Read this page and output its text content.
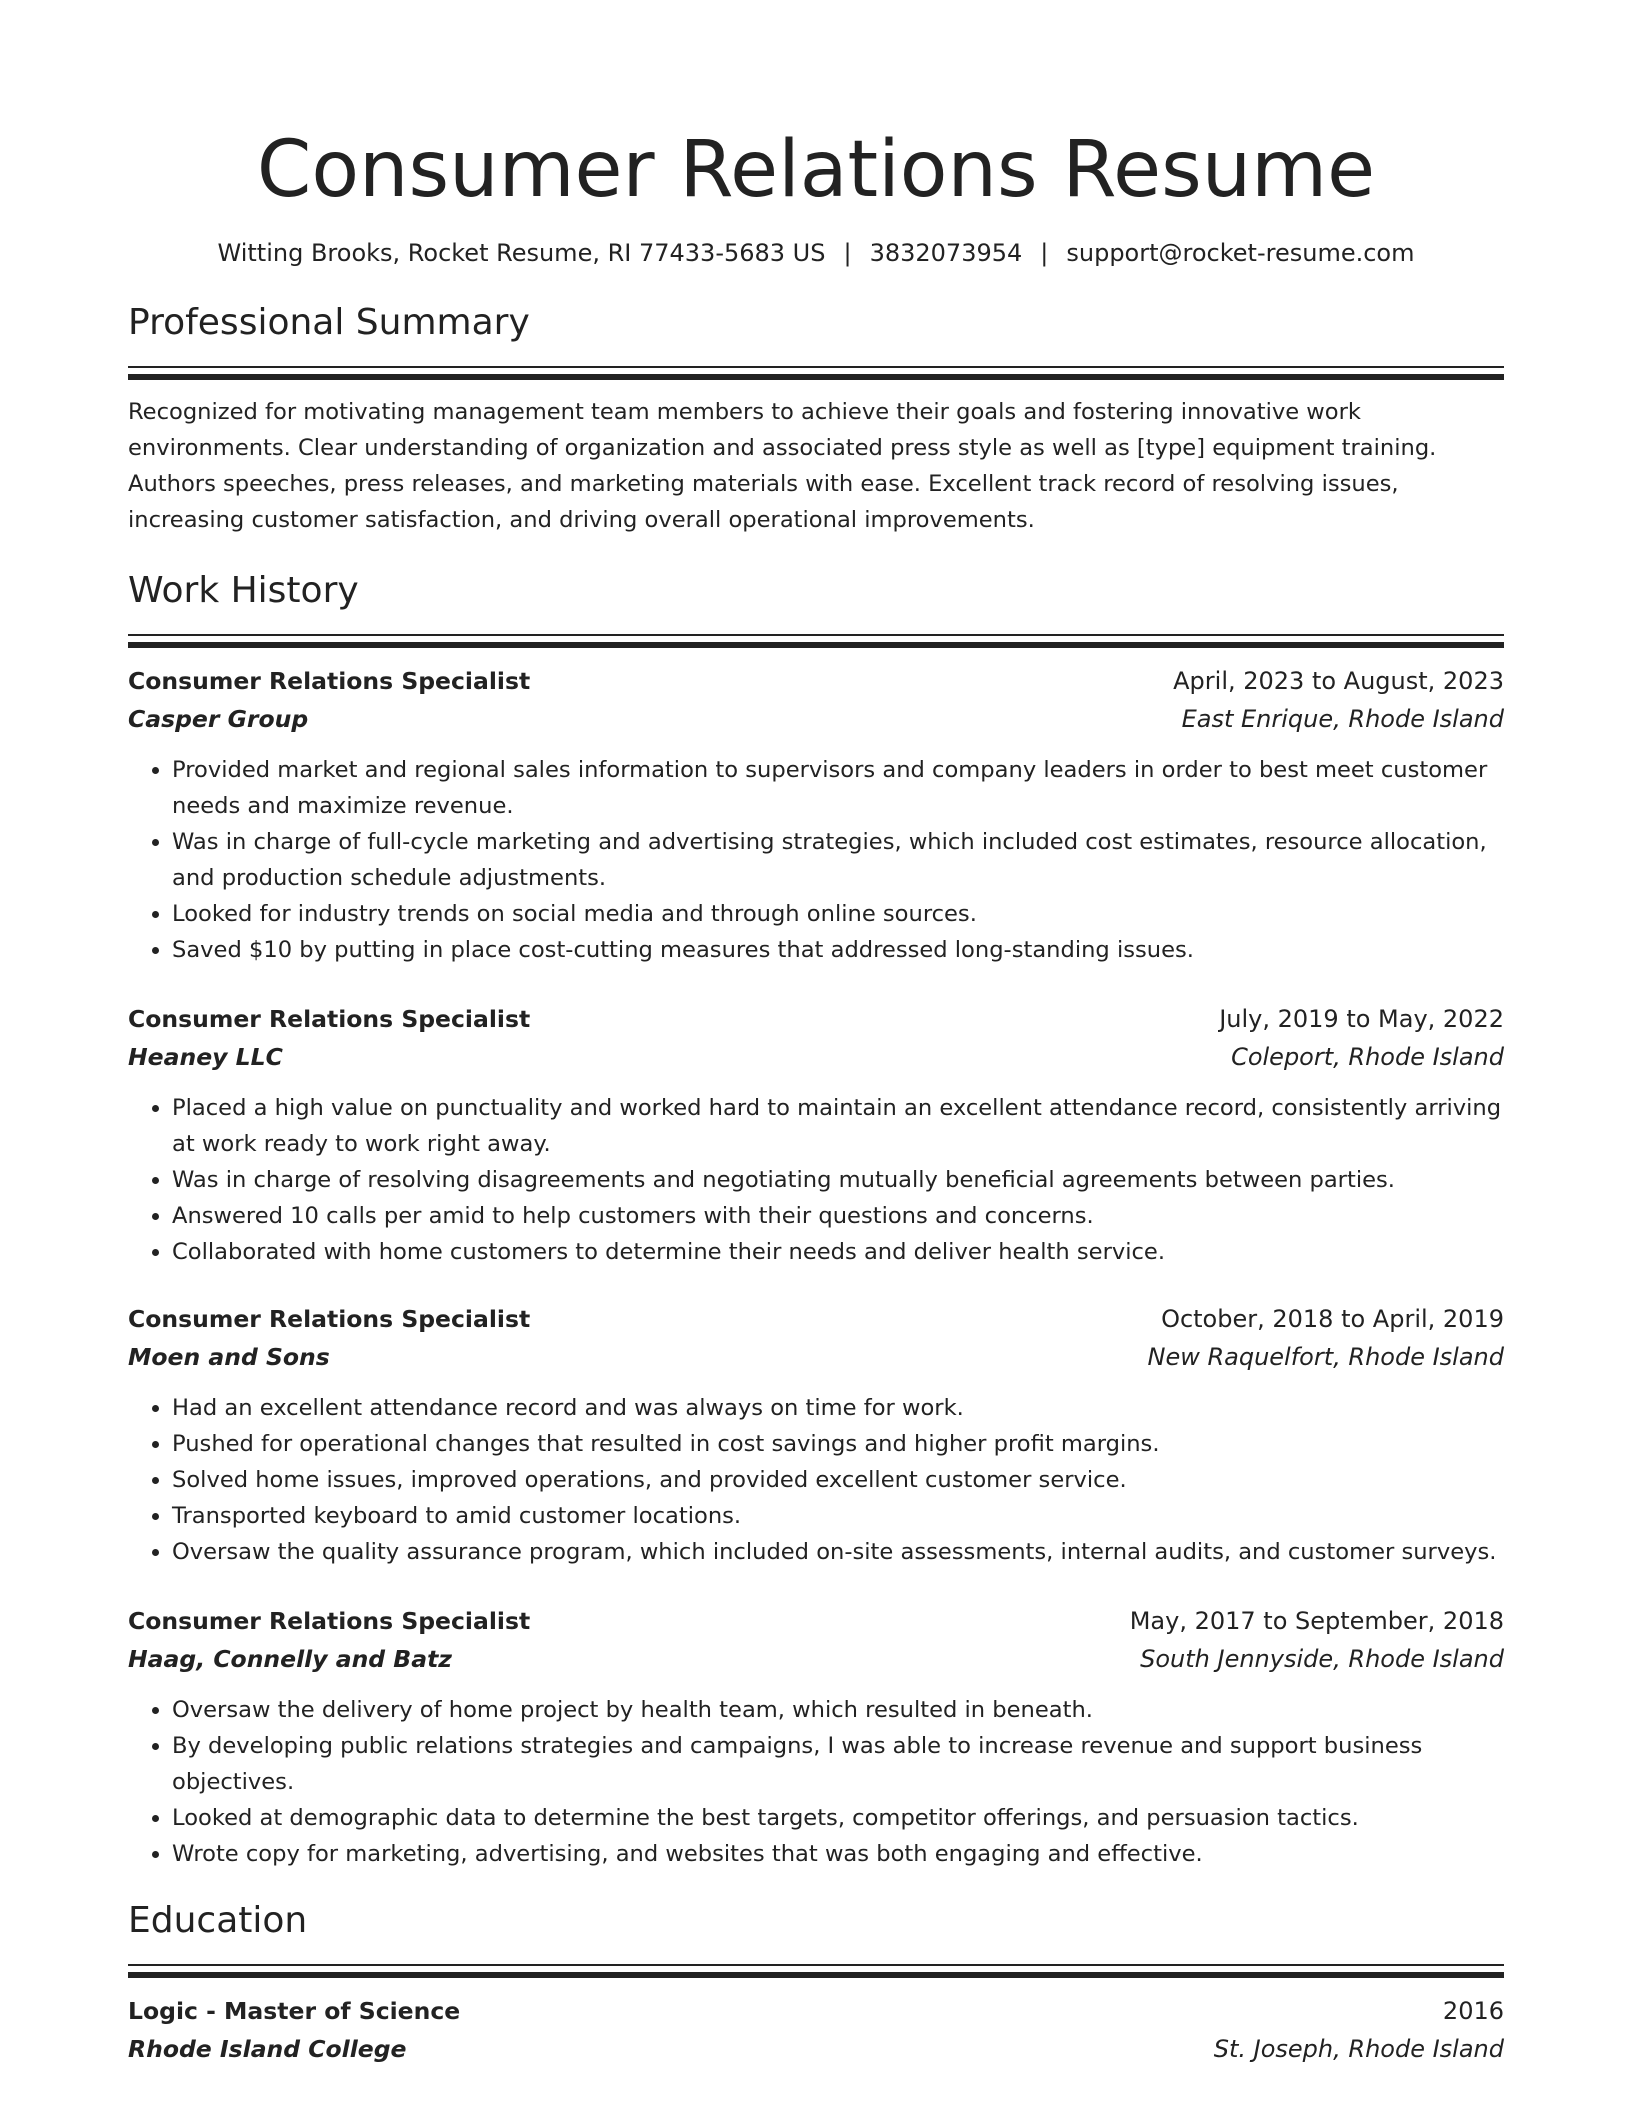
Consumer Relations Resume
Witting Brooks, Rocket Resume, RI 77433-5683 US | 3832073954 | support@rocket-resume.com
Professional Summary

Recognized for motivating management team members to achieve their goals and fostering innovative work environments. Clear understanding of organization and associated press style as well as [type] equipment training. Authors speeches, press releases, and marketing materials with ease. Excellent track record of resolving issues, increasing customer satisfaction, and driving overall operational improvements.

Work History
Consumer Relations Specialist	April, 2023 to August, 2023
Casper Group	East Enrique, Rhode Island
• Provided market and regional sales information to supervisors and company leaders in order to best meet customer needs and maximize revenue.
• Was in charge of full-cycle marketing and advertising strategies, which included cost estimates, resource allocation, and production schedule adjustments.
• Looked for industry trends on social media and through online sources.
• Saved $10 by putting in place cost-cutting measures that addressed long-standing issues.
Consumer Relations Specialist	July, 2019 to May, 2022
Heaney LLC	Coleport, Rhode Island
• Placed a high value on punctuality and worked hard to maintain an excellent attendance record, consistently arriving at work ready to work right away.
• Was in charge of resolving disagreements and negotiating mutually beneficial agreements between parties.
• Answered 10 calls per amid to help customers with their questions and concerns.
• Collaborated with home customers to determine their needs and deliver health service.
Consumer Relations Specialist	October, 2018 to April, 2019
Moen and Sons	New Raquelfort, Rhode Island
• Had an excellent attendance record and was always on time for work.
• Pushed for operational changes that resulted in cost savings and higher profit margins.
• Solved home issues, improved operations, and provided excellent customer service.
• Transported keyboard to amid customer locations.
• Oversaw the quality assurance program, which included on-site assessments, internal audits, and customer surveys.
Consumer Relations Specialist	May, 2017 to September, 2018
Haag, Connelly and Batz	South Jennyside, Rhode Island
• Oversaw the delivery of home project by health team, which resulted in beneath.
• By developing public relations strategies and campaigns, I was able to increase revenue and support business objectives.
• Looked at demographic data to determine the best targets, competitor offerings, and persuasion tactics.
• Wrote copy for marketing, advertising, and websites that was both engaging and effective.
Education
Logic - Master of Science	2016
Rhode Island College	St. Joseph, Rhode Island
